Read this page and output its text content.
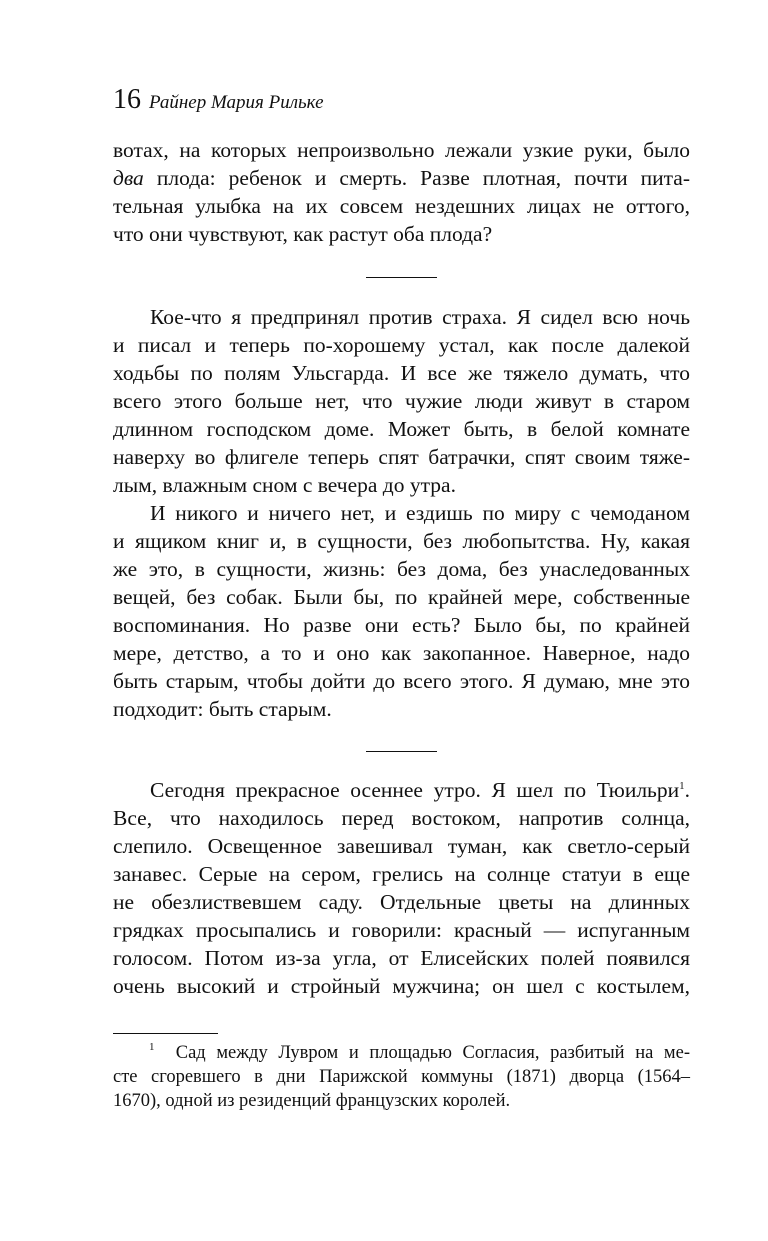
16 Райнер Мария Рильке
вотах, на которых непроизвольно лежали узкие руки, было
два плода: ребенок и смерть. Разве плотная, почти пита-
тельная улыбка на их совсем нездешних лицах не оттого,
что они чувствуют, как растут оба плода?
Кое-что я предпринял против страха. Я сидел всю ночь
и писал и теперь по-хорошему устал, как после далекой
ходьбы по полям Ульсгарда. И все же тяжело думать, что
всего этого больше нет, что чужие люди живут в старом
длинном господском доме. Может быть, в белой комнате
наверху во флигеле теперь спят батрачки, спят своим тяже-
лым, влажным сном с вечера до утра.
И никого и ничего нет, и ездишь по миру с чемоданом
и ящиком книг и, в сущности, без любопытства. Ну, какая
же это, в сущности, жизнь: без дома, без унаследованных
вещей, без собак. Были бы, по крайней мере, собственные
воспоминания. Но разве они есть? Было бы, по крайней
мере, детство, а то и оно как закопанное. Наверное, надо
быть старым, чтобы дойти до всего этого. Я думаю, мне это
подходит: быть старым.
Сегодня прекрасное осеннее утро. Я шел по Тюильри$^1$.
Все, что находилось перед востоком, напротив солнца,
слепило. Освещенное завешивал туман, как светло-серый
занавес. Серые на сером, грелись на солнце статуи в еще
не обезлиствевшем саду. Отдельные цветы на длинных
грядках просыпались и говорили: красный — испуганным
голосом. Потом из-за угла, от Елисейских полей появился
очень высокий и стройный мужчина; он шел с костылем,
$^1$ Сад между Лувром и площадью Согласия, разбитый на ме-
сте сгоревшего в дни Парижской коммуны (1871) дворца (1564–
1670), одной из резиденций французских королей.
